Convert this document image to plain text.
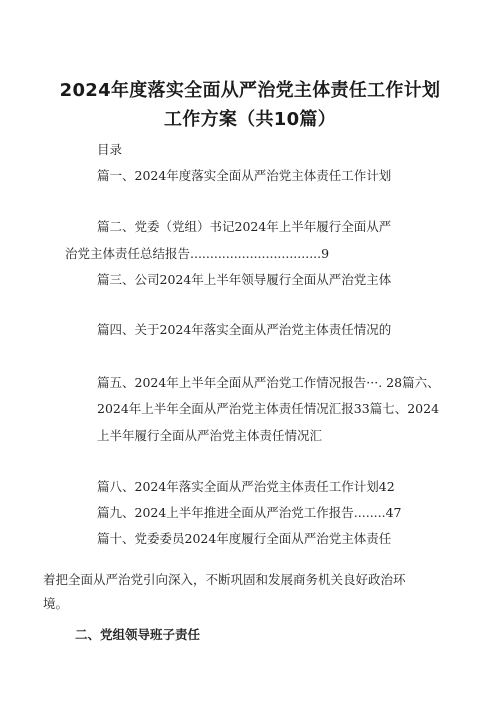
2024年度落实全面从严治党主体责任工作计划
工作方案（共10篇）
目录
篇一、2024年度落实全面从严治党主体责任工作计划
篇二、党委（党组）书记2024年上半年履行全面从严
治党主体责任总结报告.................................9
篇三、公司2024年上半年领导履行全面从严治党主体
篇四、关于2024年落实全面从严治党主体责任情况的
篇五、2024年上半年全面从严治党工作情况报告···. 28篇六、
2024年上半年全面从严治党主体责任情况汇报33篇七、2024
上半年履行全面从严治党主体责任情况汇
篇八、2024年落实全面从严治党主体责任工作计划42
篇九、2024上半年推进全面从严治党工作报告........47
篇十、党委委员2024年度履行全面从严治党主体责任
着把全面从严治党引向深入，不断巩固和发展商务机关良好政治环
境。
二、党组领导班子责任
